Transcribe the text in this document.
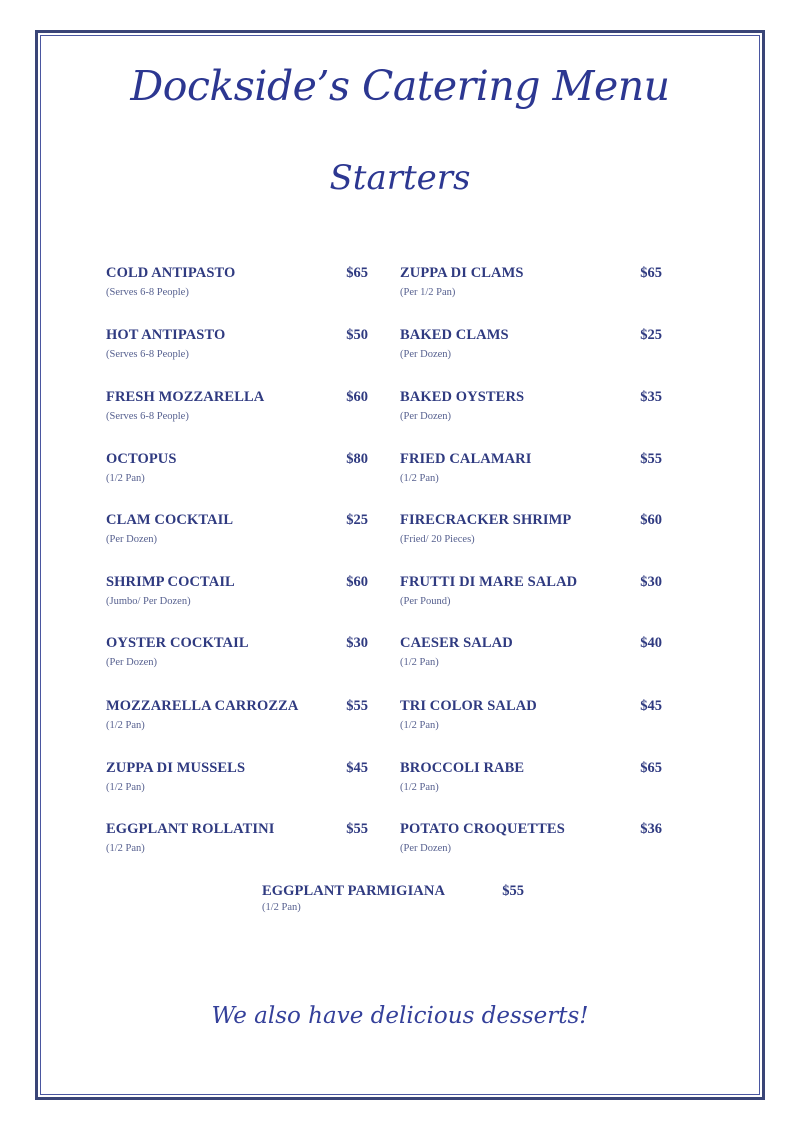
Dockside’s Catering Menu
Starters
COLD ANTIPASTO	$65
(Serves 6-8 People)
HOT ANTIPASTO	$50
(Serves 6-8 People)
FRESH MOZZARELLA	$60
(Serves 6-8 People)
OCTOPUS	$80
(1/2 Pan)
CLAM COCKTAIL	$25
(Per Dozen)
SHRIMP COCTAIL	$60
(Jumbo/ Per Dozen)
OYSTER COCKTAIL	$30
(Per Dozen)
MOZZARELLA CARROZZA	$55
(1/2 Pan)
ZUPPA DI MUSSELS	$45
(1/2 Pan)
EGGPLANT ROLLATINI	$55
(1/2 Pan)
ZUPPA DI CLAMS	$65
(Per 1/2 Pan)
BAKED CLAMS	$25
(Per Dozen)
BAKED OYSTERS	$35
(Per Dozen)
FRIED CALAMARI	$55
(1/2 Pan)
FIRECRACKER SHRIMP	$60
(Fried/ 20 Pieces)
FRUTTI DI MARE SALAD	$30
(Per Pound)
CAESER SALAD	$40
(1/2 Pan)
TRI COLOR SALAD	$45
(1/2 Pan)
BROCCOLI RABE	$65
(1/2 Pan)
POTATO CROQUETTES	$36
(Per Dozen)
EGGPLANT PARMIGIANA	$55
(1/2 Pan)
We also have delicious desserts!
